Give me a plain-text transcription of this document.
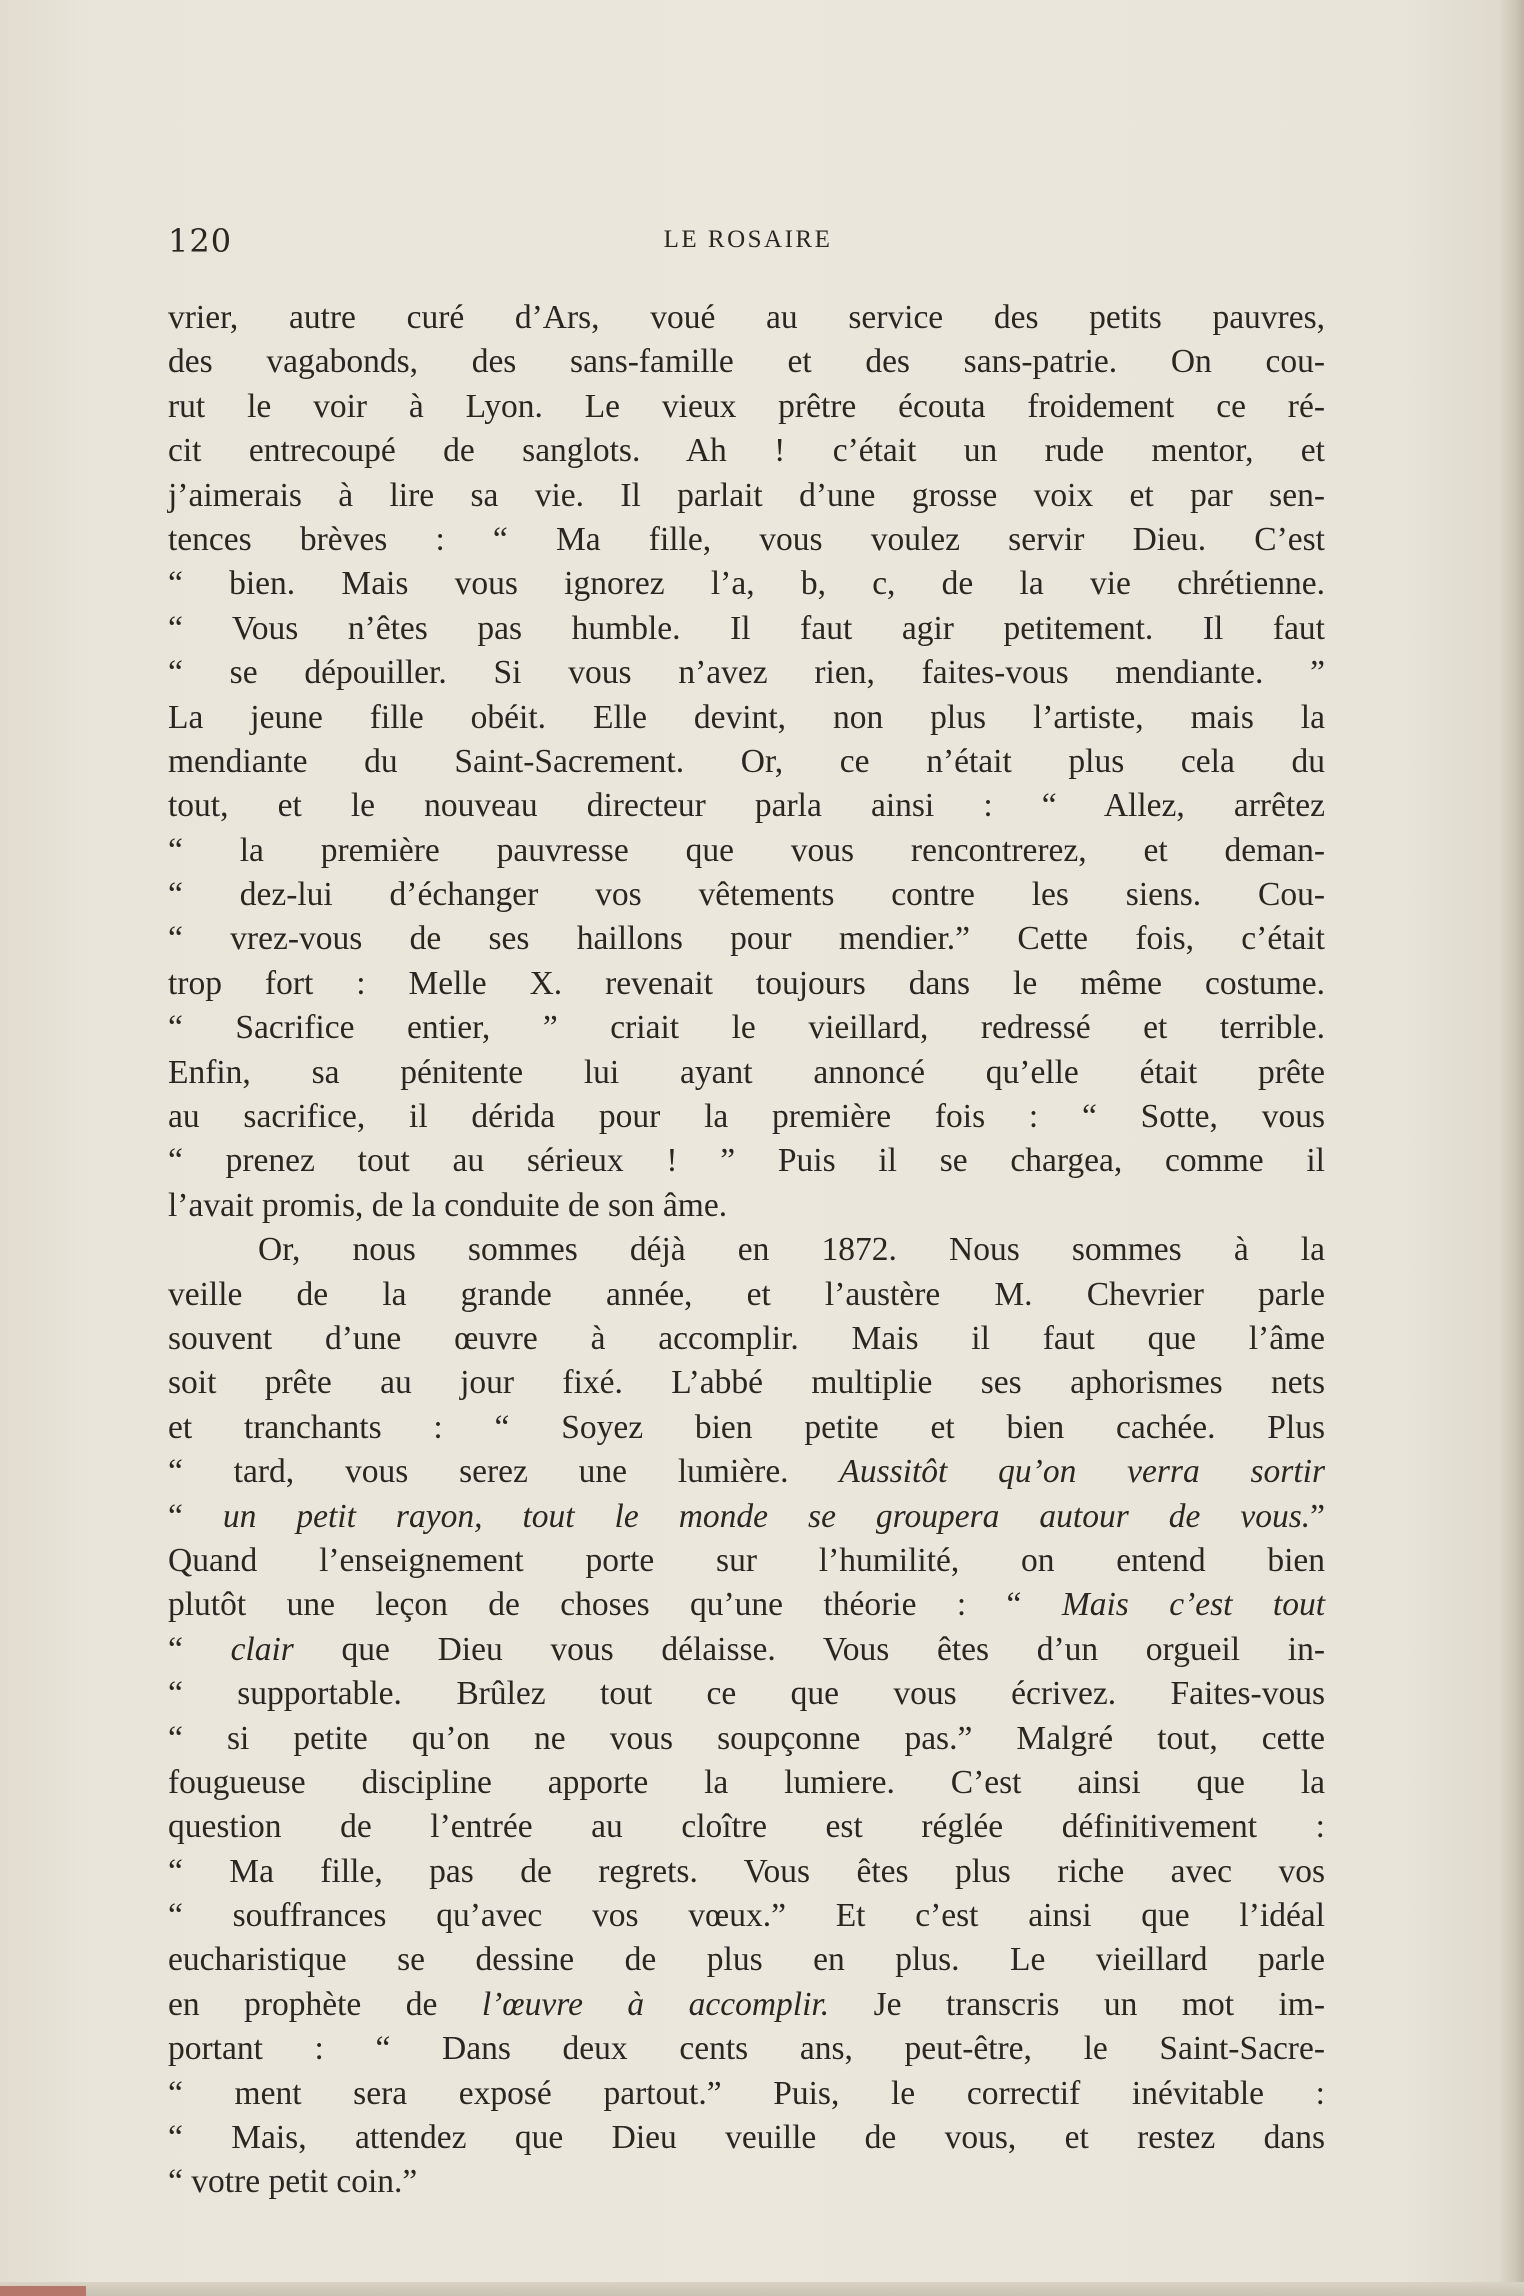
120	LE ROSAIRE
vrier, autre curé d’Ars, voué au service des petits pauvres,
des vagabonds, des sans-famille et des sans-patrie. On cou-
rut le voir à Lyon. Le vieux prêtre écouta froidement ce ré-
cit entrecoupé de sanglots. Ah ! c’était un rude mentor, et
j’aimerais à lire sa vie. Il parlait d’une grosse voix et par sen-
tences brèves : “ Ma fille, vous voulez servir Dieu. C’est
“ bien. Mais vous ignorez l’a, b, c, de la vie chrétienne.
“ Vous n’êtes pas humble. Il faut agir petitement. Il faut
“ se dépouiller. Si vous n’avez rien, faites-vous mendiante. ”
La jeune fille obéit. Elle devint, non plus l’artiste, mais la
mendiante du Saint-Sacrement. Or, ce n’était plus cela du
tout, et le nouveau directeur parla ainsi : “ Allez, arrêtez
“ la première pauvresse que vous rencontrerez, et deman-
“ dez-lui d’échanger vos vêtements contre les siens. Cou-
“ vrez-vous de ses haillons pour mendier.” Cette fois, c’était
trop fort : Melle X. revenait toujours dans le même costume.
“ Sacrifice entier, ” criait le vieillard, redressé et terrible.
Enfin, sa pénitente lui ayant annoncé qu’elle était prête
au sacrifice, il dérida pour la première fois : “ Sotte, vous
“ prenez tout au sérieux ! ” Puis il se chargea, comme il
l’avait promis, de la conduite de son âme.
Or, nous sommes déjà en 1872. Nous sommes à la
veille de la grande année, et l’austère M. Chevrier parle
souvent d’une œuvre à accomplir. Mais il faut que l’âme
soit prête au jour fixé. L’abbé multiplie ses aphorismes nets
et tranchants : “ Soyez bien petite et bien cachée. Plus
“ tard, vous serez une lumière. Aussitôt qu’on verra sortir
“ un petit rayon, tout le monde se groupera autour de vous.”
Quand l’enseignement porte sur l’humilité, on entend bien
plutôt une leçon de choses qu’une théorie : “ Mais c’est tout
“ clair que Dieu vous délaisse. Vous êtes d’un orgueil in-
“ supportable. Brûlez tout ce que vous écrivez. Faites-vous
“ si petite qu’on ne vous soupçonne pas.” Malgré tout, cette
fougueuse discipline apporte la lumiere. C’est ainsi que la
question de l’entrée au cloître est réglée définitivement :
“ Ma fille, pas de regrets. Vous êtes plus riche avec vos
“ souffrances qu’avec vos vœux.” Et c’est ainsi que l’idéal
eucharistique se dessine de plus en plus. Le vieillard parle
en prophète de l’œuvre à accomplir. Je transcris un mot im-
portant : “ Dans deux cents ans, peut-être, le Saint-Sacre-
“ ment sera exposé partout.” Puis, le correctif inévitable :
“ Mais, attendez que Dieu veuille de vous, et restez dans
“ votre petit coin.”
